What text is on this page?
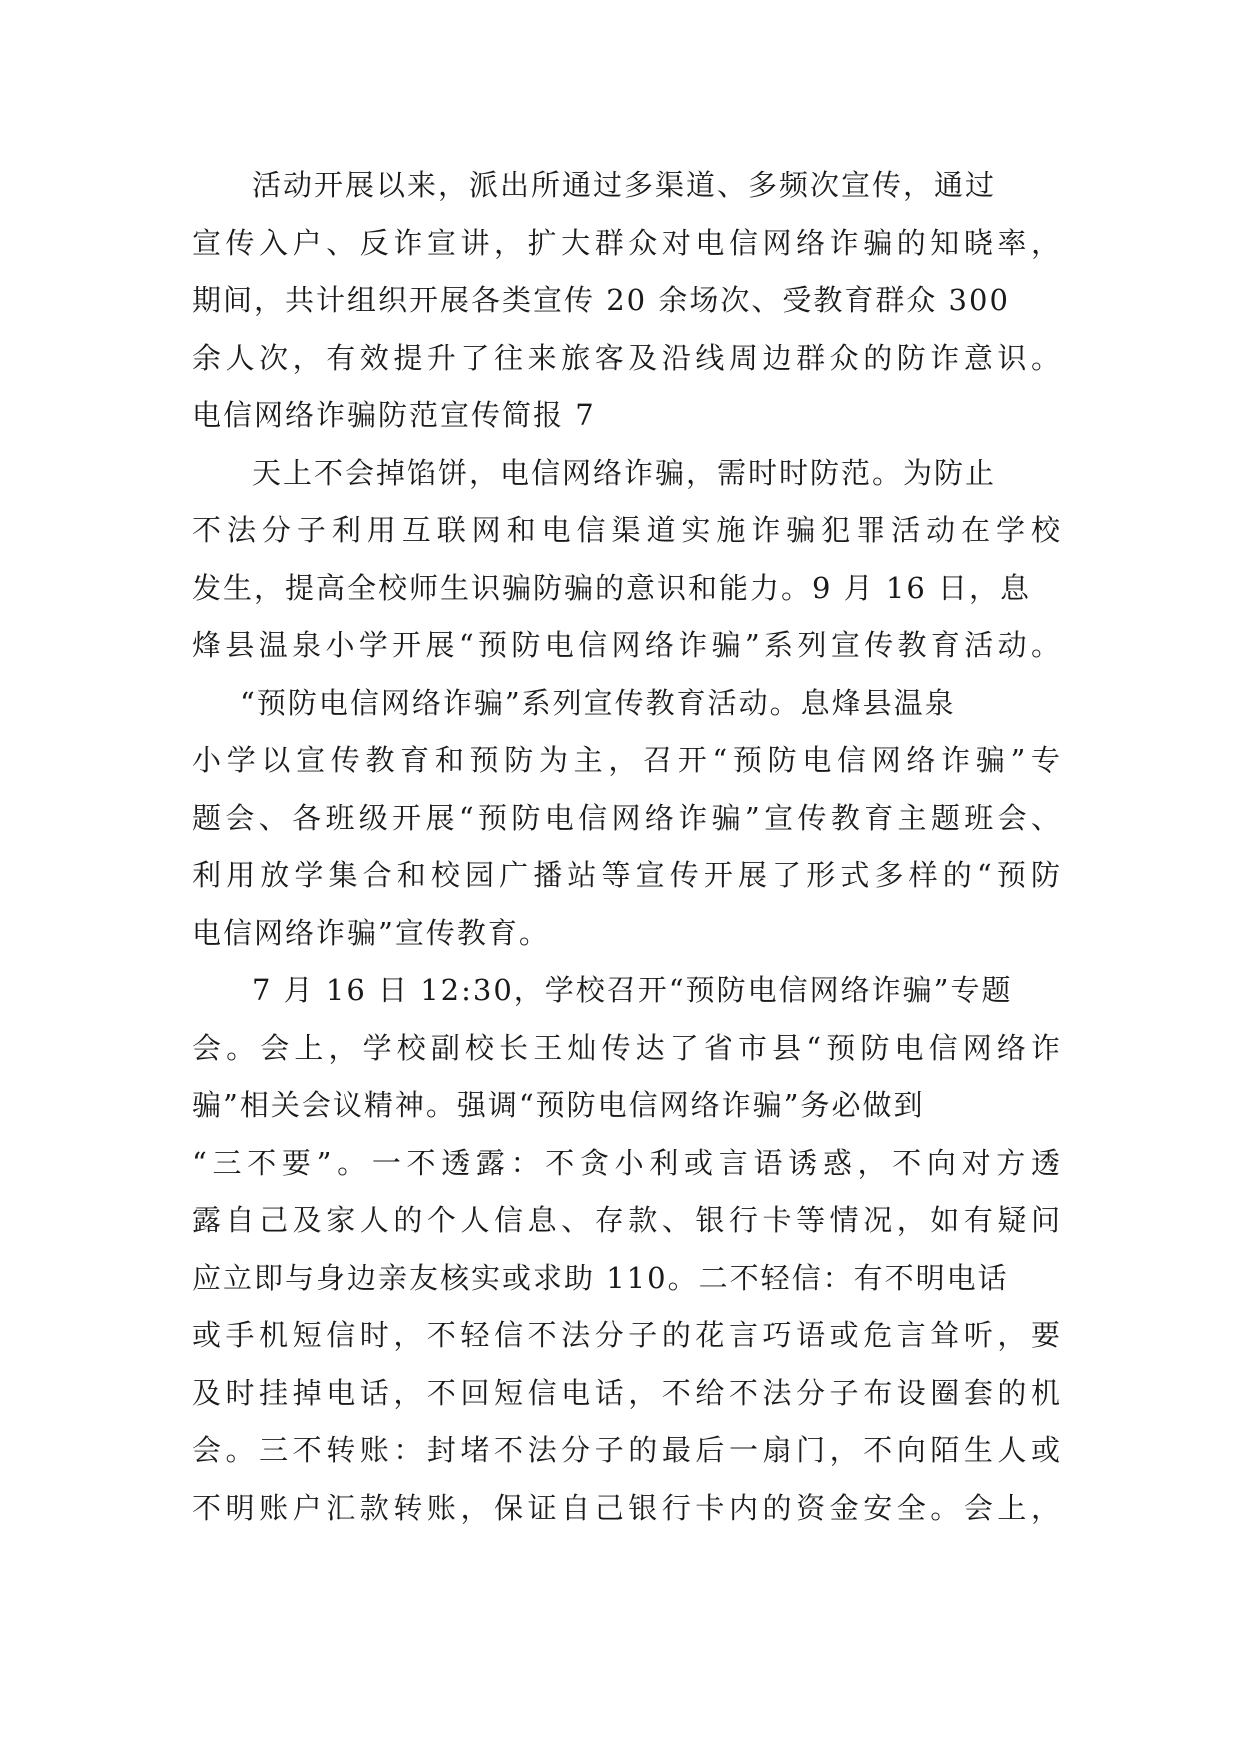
活动开展以来，派出所通过多渠道、多频次宣传，通过
宣传入户、反诈宣讲，扩大群众对电信网络诈骗的知晓率，
期间，共计组织开展各类宣传 20 余场次、受教育群众 300
余人次，有效提升了往来旅客及沿线周边群众的防诈意识。
电信网络诈骗防范宣传简报 7
天上不会掉馅饼，电信网络诈骗，需时时防范。为防止
不法分子利用互联网和电信渠道实施诈骗犯罪活动在学校
发生，提高全校师生识骗防骗的意识和能力。9 月 16 日，息
烽县温泉小学开展“预防电信网络诈骗”系列宣传教育活动。
“预防电信网络诈骗”系列宣传教育活动。息烽县温泉
小学以宣传教育和预防为主，召开“预防电信网络诈骗”专
题会、各班级开展“预防电信网络诈骗”宣传教育主题班会、
利用放学集合和校园广播站等宣传开展了形式多样的“预防
电信网络诈骗”宣传教育。
7 月 16 日 12:30，学校召开“预防电信网络诈骗”专题
会。会上，学校副校长王灿传达了省市县“预防电信网络诈
骗”相关会议精神。强调“预防电信网络诈骗”务必做到
“三不要”。一不透露：不贪小利或言语诱惑，不向对方透
露自己及家人的个人信息、存款、银行卡等情况，如有疑问
应立即与身边亲友核实或求助 110。二不轻信：有不明电话
或手机短信时，不轻信不法分子的花言巧语或危言耸听，要
及时挂掉电话，不回短信电话，不给不法分子布设圈套的机
会。三不转账：封堵不法分子的最后一扇门，不向陌生人或
不明账户汇款转账，保证自己银行卡内的资金安全。会上，
